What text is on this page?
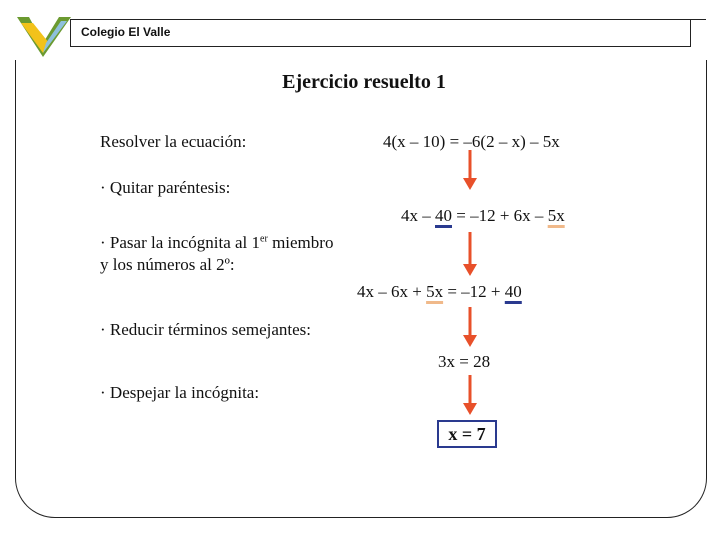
Colegio El Valle
Ejercicio resuelto 1
Resolver la ecuación:
· Quitar paréntesis:
· Pasar la incógnita al 1er miembro
y los números al 2º:
· Reducir términos semejantes:
· Despejar la incógnita:
4(x – 10) = –6(2 – x) – 5x
4x – 40 = –12 + 6x – 5x
4x – 6x + 5x = –12 + 40
3x = 28
x = 7
